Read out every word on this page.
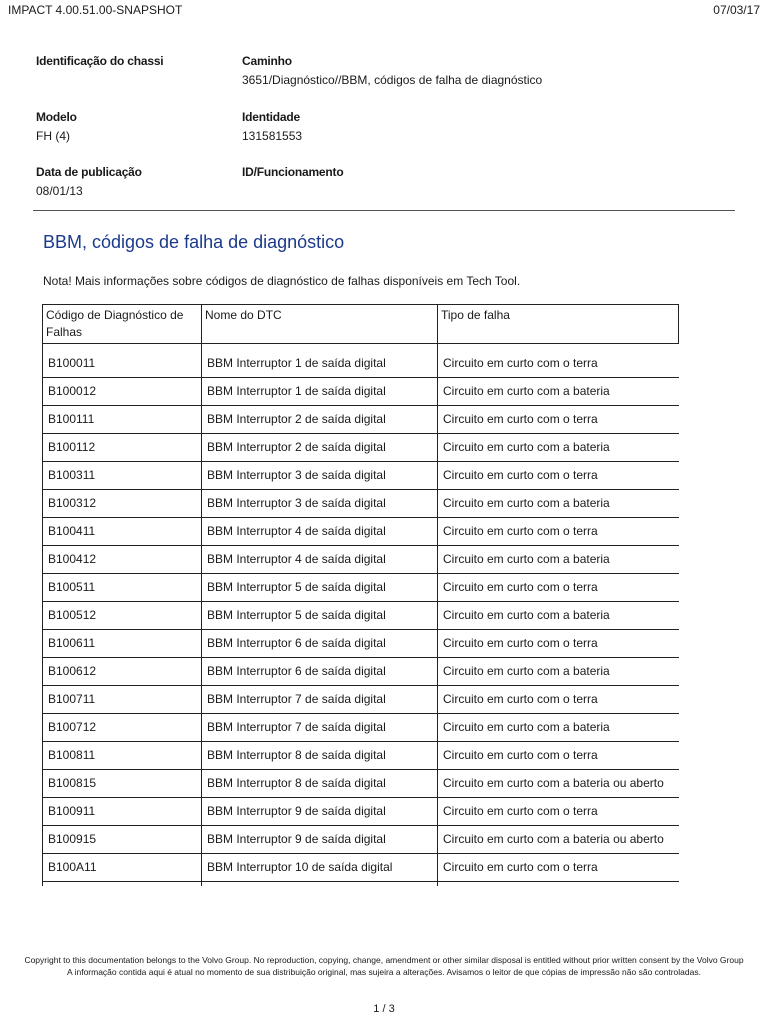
IMPACT 4.00.51.00-SNAPSHOT	07/03/17
Identificação do chassi	Caminho
3651/Diagnóstico//BBM, códigos de falha de diagnóstico
Modelo
FH (4)
Identidade
131581553
Data de publicação
08/01/13
ID/Funcionamento
BBM, códigos de falha de diagnóstico
Nota! Mais informações sobre códigos de diagnóstico de falhas disponíveis em Tech Tool.
Código de Diagnóstico de Falhas	Nome do DTC	Tipo de falha

B100011	BBM Interruptor 1 de saída digital	Circuito em curto com o terra
B100012	BBM Interruptor 1 de saída digital	Circuito em curto com a bateria
B100111	BBM Interruptor 2 de saída digital	Circuito em curto com o terra
B100112	BBM Interruptor 2 de saída digital	Circuito em curto com a bateria
B100311	BBM Interruptor 3 de saída digital	Circuito em curto com o terra
B100312	BBM Interruptor 3 de saída digital	Circuito em curto com a bateria
B100411	BBM Interruptor 4 de saída digital	Circuito em curto com o terra
B100412	BBM Interruptor 4 de saída digital	Circuito em curto com a bateria
B100511	BBM Interruptor 5 de saída digital	Circuito em curto com o terra
B100512	BBM Interruptor 5 de saída digital	Circuito em curto com a bateria
B100611	BBM Interruptor 6 de saída digital	Circuito em curto com o terra
B100612	BBM Interruptor 6 de saída digital	Circuito em curto com a bateria
B100711	BBM Interruptor 7 de saída digital	Circuito em curto com o terra
B100712	BBM Interruptor 7 de saída digital	Circuito em curto com a bateria
B100811	BBM Interruptor 8 de saída digital	Circuito em curto com o terra
B100815	BBM Interruptor 8 de saída digital	Circuito em curto com a bateria ou aberto
B100911	BBM Interruptor 9 de saída digital	Circuito em curto com o terra
B100915	BBM Interruptor 9 de saída digital	Circuito em curto com a bateria ou aberto
B100A11	BBM Interruptor 10 de saída digital	Circuito em curto com o terra

Copyright to this documentation belongs to the Volvo Group. No reproduction, copying, change, amendment or other similar disposal is entitled without prior written consent by the Volvo Group
A informação contida aqui é atual no momento de sua distribuição original, mas sujeira a alterações. Avisamos o leitor de que cópias de impressão não são controladas.
1 / 3
